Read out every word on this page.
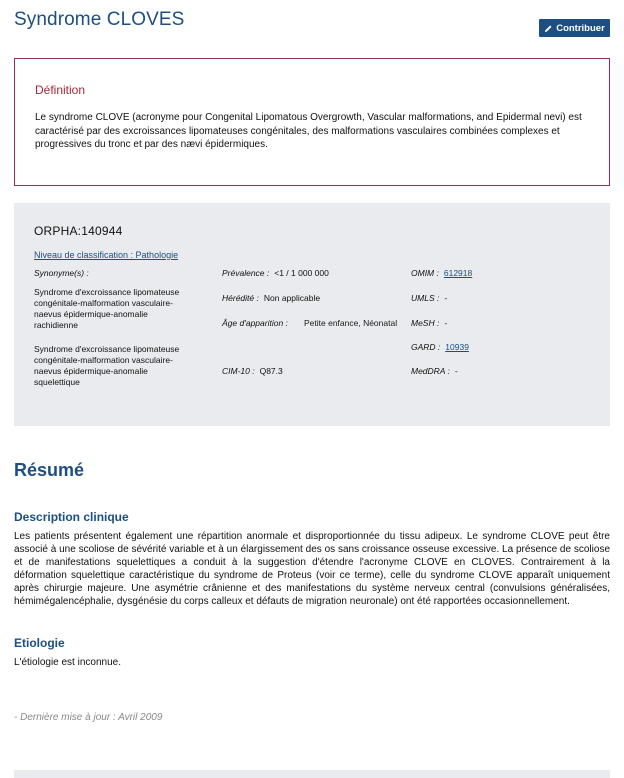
Syndrome CLOVES	Contribuer
Définition
Le syndrome CLOVE (acronyme pour Congenital Lipomatous Overgrowth, Vascular malformations, and Epidermal nevi) est caractérisé par des excroissances lipomateuses congénitales, des malformations vasculaires combinées complexes et progressives du tronc et par des nævi épidermiques.
ORPHA:140944
Niveau de classification : Pathologie
Synonyme(s) :
Syndrome d'excroissance lipomateuse congénitale-malformation vasculaire-naevus épidermique-anomalie rachidienne
Syndrome d'excroissance lipomateuse congénitale-malformation vasculaire-naevus épidermique-anomalie squelettique
Prévalence : <1 / 1 000 000
Hérédité : Non applicable
Âge d'apparition :	Petite enfance, Néonatal
CIM-10 : Q87.3
OMIM : 612918
UMLS : -
MeSH : -
GARD : 10939
MedDRA : -
Résumé
Description clinique

Les patients présentent également une répartition anormale et disproportionnée du tissu adipeux. Le syndrome CLOVE peut être associé à une scoliose de sévérité variable et à un élargissement des os sans croissance osseuse excessive. La présence de scoliose et de manifestations squelettiques a conduit à la suggestion d'étendre l'acronyme CLOVE en CLOVES. Contrairement à la déformation squelettique caractéristique du syndrome de Proteus (voir ce terme), celle du syndrome CLOVE apparaît uniquement après chirurgie majeure. Une asymétrie crânienne et des manifestations du système nerveux central (convulsions généralisées, hémimégalencéphalie, dysgénésie du corps calleux et défauts de migration neuronale) ont été rapportées occasionnellement.

Etiologie

L'étiologie est inconnue.

- Dernière mise à jour : Avril 2009
